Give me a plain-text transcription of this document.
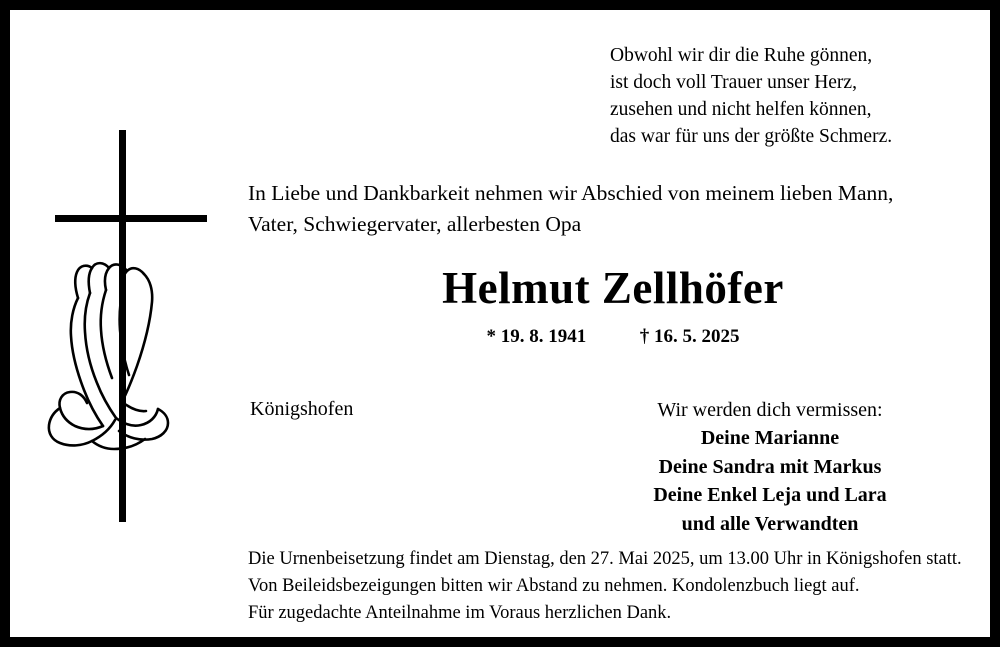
Obwohl wir dir die Ruhe gönnen,
ist doch voll Trauer unser Herz,
zusehen und nicht helfen können,
das war für uns der größte Schmerz.
In Liebe und Dankbarkeit nehmen wir Abschied von meinem lieben Mann,
Vater, Schwiegervater, allerbesten Opa
Helmut Zellhöfer
* 19. 8. 1941	† 16. 5. 2025
Königshofen	Wir werden dich vermissen:
Deine Marianne
Deine Sandra mit Markus
Deine Enkel Leja und Lara
und alle Verwandten
Die Urnenbeisetzung findet am Dienstag, den 27. Mai 2025, um 13.00 Uhr in Königshofen statt.
Von Beileidsbezeigungen bitten wir Abstand zu nehmen. Kondolenzbuch liegt auf.
Für zugedachte Anteilnahme im Voraus herzlichen Dank.
